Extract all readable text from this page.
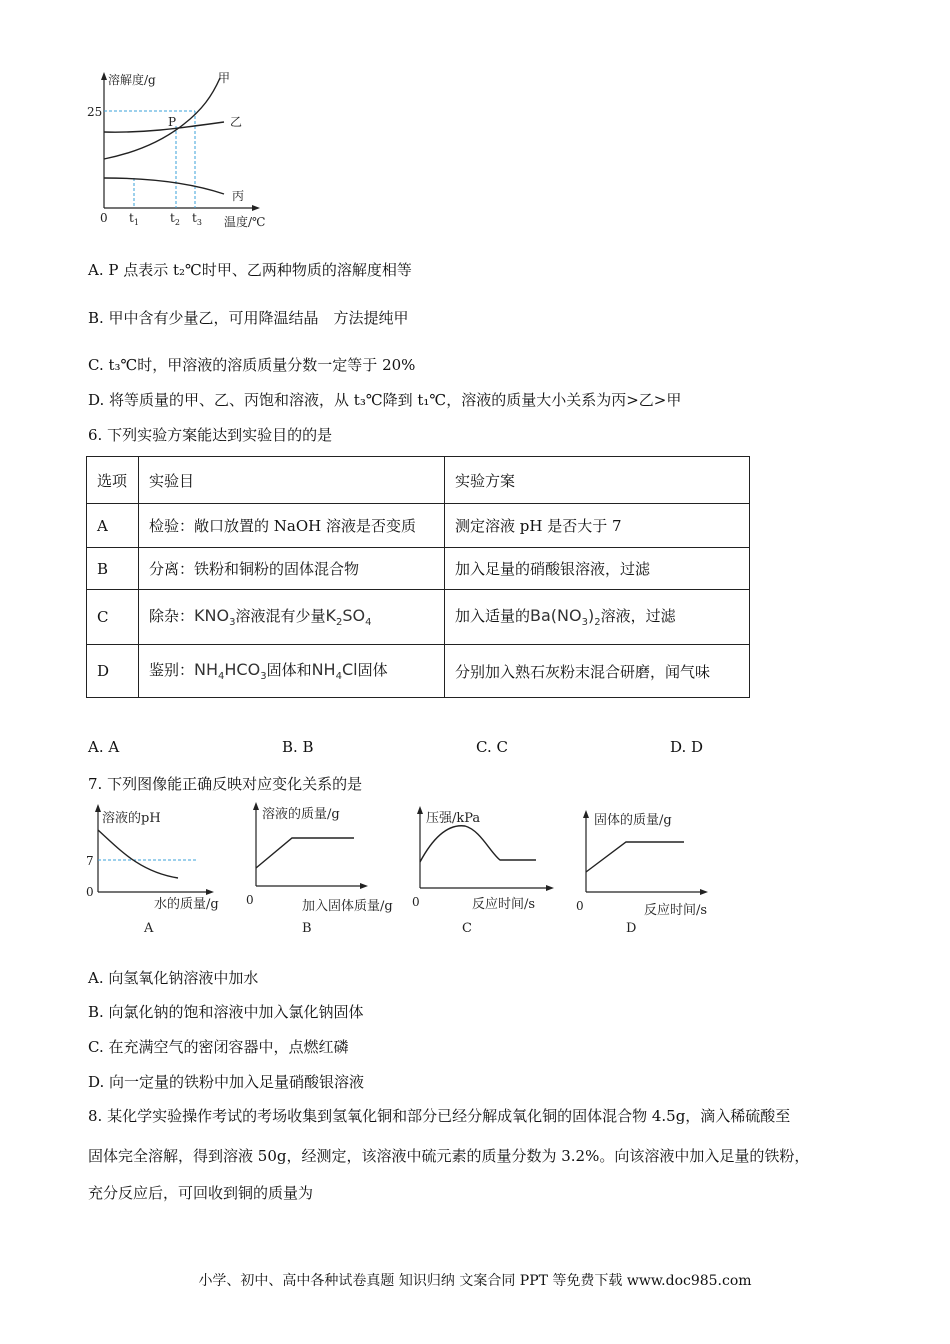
溶解度/g
25
0
P
甲
乙
丙
$t_1$	$t_2$ $t_3$ 温度/℃
A. P 点表示 t₂℃时甲、乙两种物质的溶解度相等
B. 甲中含有少量乙，可用降温结晶　方法提纯甲
C. t₃℃时，甲溶液的溶质质量分数一定等于 20%
D. 将等质量的甲、乙、丙饱和溶液，从 t₃℃降到 t₁℃，溶液的质量大小关系为丙>乙>甲
6. 下列实验方案能达到实验目的的是
选项	实验目	实验方案
A	检验：敞口放置的 NaOH 溶液是否变质	测定溶液 pH 是否大于 7
B	分离：铁粉和铜粉的固体混合物	加入足量的硝酸银溶液，过滤
C	除杂：$KNO_3$溶液混有少量$K_2SO_4$	加入适量的$Ba(NO_3)_2$溶液，过滤
D	鉴别：$NH_4HCO_3$固体和$NH_4Cl$固体	分别加入熟石灰粉末混合研磨，闻气味
A. A	B. B	C. C	D. D
7. 下列图像能正确反映对应变化关系的是
溶液的pH
7
0
水的质量/g
A
溶液的质量/g
0	加入固体质量/g
B
压强/kPa
0	反应时间/s
C
固体的质量/g
0	反应时间/s
D
A. 向氢氧化钠溶液中加水
B. 向氯化钠的饱和溶液中加入氯化钠固体
C. 在充满空气的密闭容器中，点燃红磷
D. 向一定量的铁粉中加入足量硝酸银溶液
8. 某化学实验操作考试的考场收集到氢氧化铜和部分已经分解成氧化铜的固体混合物 4.5g，滴入稀硫酸至
固体完全溶解，得到溶液 50g，经测定，该溶液中硫元素的质量分数为 3.2%。向该溶液中加入足量的铁粉，
充分反应后，可回收到铜的质量为
小学、初中、高中各种试卷真题 知识归纳 文案合同 PPT 等免费下载 www.doc985.com
